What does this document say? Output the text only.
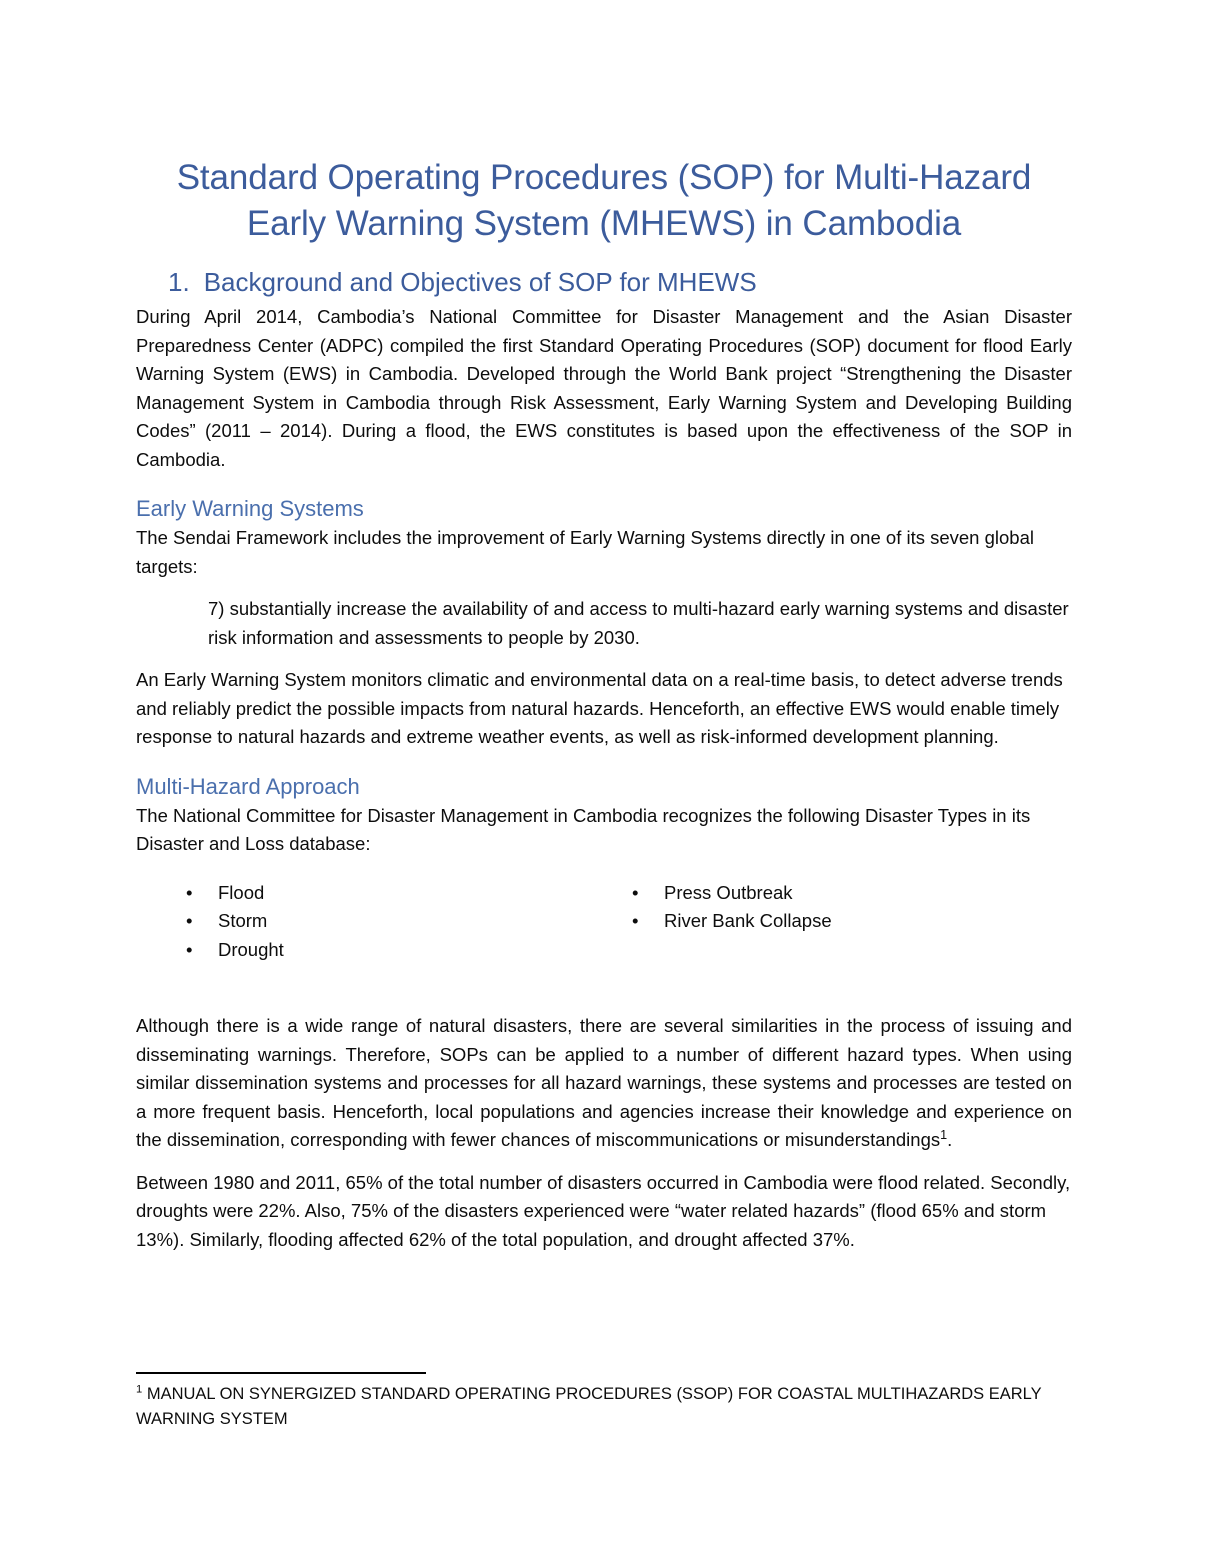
Standard Operating Procedures (SOP) for Multi-Hazard
Early Warning System (MHEWS) in Cambodia
1. Background and Objectives of SOP for MHEWS

During April 2014, Cambodia’s National Committee for Disaster Management and the Asian Disaster Preparedness Center (ADPC) compiled the first Standard Operating Procedures (SOP) document for flood Early Warning System (EWS) in Cambodia. Developed through the World Bank project “Strengthening the Disaster Management System in Cambodia through Risk Assessment, Early Warning System and Developing Building Codes” (2011 – 2014). During a flood, the EWS constitutes is based upon the effectiveness of the SOP in Cambodia.

Early Warning Systems

The Sendai Framework includes the improvement of Early Warning Systems directly in one of its seven global targets:

7) substantially increase the availability of and access to multi-hazard early warning systems and disaster risk information and assessments to people by 2030.

An Early Warning System monitors climatic and environmental data on a real-time basis, to detect adverse trends and reliably predict the possible impacts from natural hazards. Henceforth, an effective EWS would enable timely response to natural hazards and extreme weather events, as well as risk-informed development planning.

Multi-Hazard Approach

The National Committee for Disaster Management in Cambodia recognizes the following Disaster Types in its Disaster and Loss database:

• Flood
• Storm
• Drought
• Press Outbreak
• River Bank Collapse

Although there is a wide range of natural disasters, there are several similarities in the process of issuing and disseminating warnings. Therefore, SOPs can be applied to a number of different hazard types. When using similar dissemination systems and processes for all hazard warnings, these systems and processes are tested on a more frequent basis. Henceforth, local populations and agencies increase their knowledge and experience on the dissemination, corresponding with fewer chances of miscommunications or misunderstandings$^1$.

Between 1980 and 2011, 65% of the total number of disasters occurred in Cambodia were flood related. Secondly, droughts were 22%. Also, 75% of the disasters experienced were “water related hazards” (flood 65% and storm 13%). Similarly, flooding affected 62% of the total population, and drought affected 37%.

$^1$ MANUAL ON SYNERGIZED STANDARD OPERATING PROCEDURES (SSOP) FOR COASTAL MULTIHAZARDS EARLY WARNING SYSTEM
